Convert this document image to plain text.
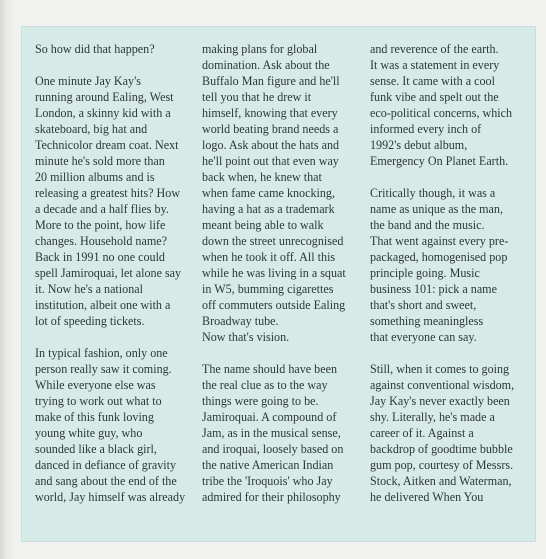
So how did that happen?

One minute Jay Kay's
running around Ealing, West
London, a skinny kid with a
skateboard, big hat and
Technicolor dream coat. Next
minute he's sold more than
20 million albums and is
releasing a greatest hits? How
a decade and a half flies by.
More to the point, how life
changes. Household name?
Back in 1991 no one could
spell Jamiroquai, let alone say
it. Now he's a national
institution, albeit one with a
lot of speeding tickets.

In typical fashion, only one
person really saw it coming.
While everyone else was
trying to work out what to
make of this funk loving
young white guy, who
sounded like a black girl,
danced in defiance of gravity
and sang about the end of the
world, Jay himself was already

making plans for global
domination. Ask about the
Buffalo Man figure and he'll
tell you that he drew it
himself, knowing that every
world beating brand needs a
logo. Ask about the hats and
he'll point out that even way
back when, he knew that
when fame came knocking,
having a hat as a trademark
meant being able to walk
down the street unrecognised
when he took it off. All this
while he was living in a squat
in W5, bumming cigarettes
off commuters outside Ealing
Broadway tube.
Now that's vision.

The name should have been
the real clue as to the way
things were going to be.
Jamiroquai. A compound of
Jam, as in the musical sense,
and iroquai, loosely based on
the native American Indian
tribe the 'Iroquois' who Jay
admired for their philosophy

and reverence of the earth.
It was a statement in every
sense. It came with a cool
funk vibe and spelt out the
eco-political concerns, which
informed every inch of
1992's debut album,
Emergency On Planet Earth.

Critically though, it was a
name as unique as the man,
the band and the music.
That went against every pre-
packaged, homogenised pop
principle going. Music
business 101: pick a name
that's short and sweet,
something meaningless
that everyone can say.

Still, when it comes to going
against conventional wisdom,
Jay Kay's never exactly been
shy. Literally, he's made a
career of it. Against a
backdrop of goodtime bubble
gum pop, courtesy of Messrs.
Stock, Aitken and Waterman,
he delivered When You
